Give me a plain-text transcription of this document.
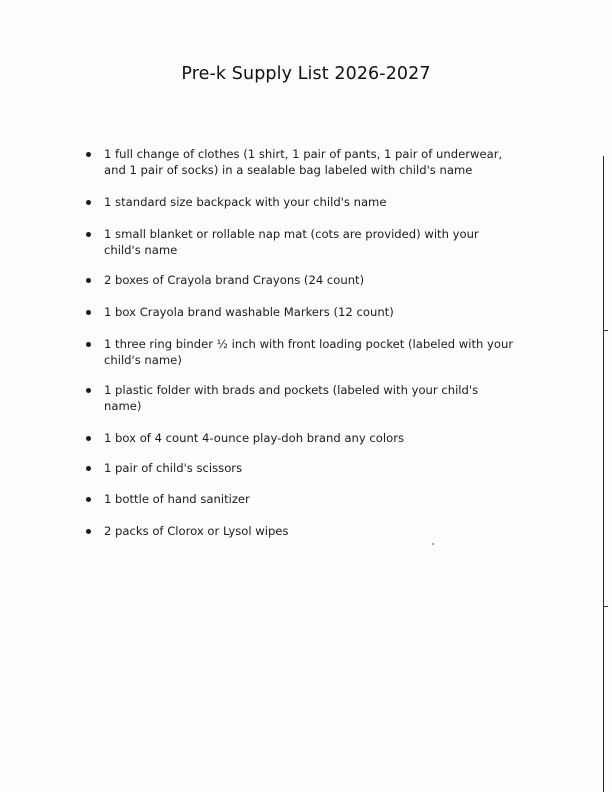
Pre-k Supply List 2026-2027
1 full change of clothes (1 shirt, 1 pair of pants, 1 pair of underwear,
and 1 pair of socks) in a sealable bag labeled with child's name
1 standard size backpack with your child's name
1 small blanket or rollable nap mat (cots are provided) with your
child's name
2 boxes of Crayola brand Crayons (24 count)
1 box Crayola brand washable Markers (12 count)
1 three ring binder ½ inch with front loading pocket (labeled with your
child's name)
1 plastic folder with brads and pockets (labeled with your child's
name)
1 box of 4 count 4-ounce play-doh brand any colors
1 pair of child's scissors
1 bottle of hand sanitizer
2 packs of Clorox or Lysol wipes
